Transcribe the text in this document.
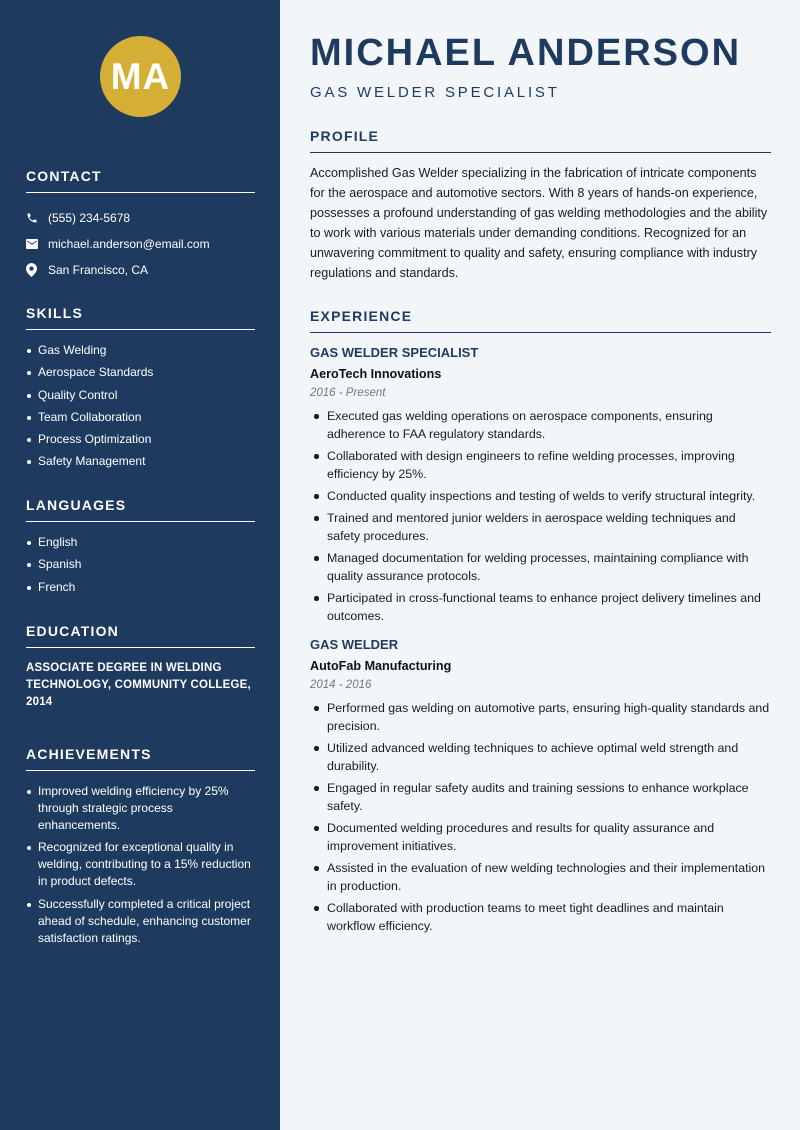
MA
CONTACT
(555) 234-5678
michael.anderson@email.com
San Francisco, CA
SKILLS
Gas Welding
Aerospace Standards
Quality Control
Team Collaboration
Process Optimization
Safety Management
LANGUAGES
English
Spanish
French
EDUCATION

ASSOCIATE DEGREE IN WELDING TECHNOLOGY, COMMUNITY COLLEGE, 2014

ACHIEVEMENTS
Improved welding efficiency by 25% through strategic process enhancements.
Recognized for exceptional quality in welding, contributing to a 15% reduction in product defects.
Successfully completed a critical project ahead of schedule, enhancing customer satisfaction ratings.
MICHAEL ANDERSON
GAS WELDER SPECIALIST
PROFILE

Accomplished Gas Welder specializing in the fabrication of intricate components for the aerospace and automotive sectors. With 8 years of hands-on experience, possesses a profound understanding of gas welding methodologies and the ability to work with various materials under demanding conditions. Recognized for an unwavering commitment to quality and safety, ensuring compliance with industry regulations and standards.

EXPERIENCE
GAS WELDER SPECIALIST
AeroTech Innovations
2016 - Present
Executed gas welding operations on aerospace components, ensuring adherence to FAA regulatory standards.
Collaborated with design engineers to refine welding processes, improving efficiency by 25%.
Conducted quality inspections and testing of welds to verify structural integrity.
Trained and mentored junior welders in aerospace welding techniques and safety procedures.
Managed documentation for welding processes, maintaining compliance with quality assurance protocols.
Participated in cross-functional teams to enhance project delivery timelines and outcomes.
GAS WELDER
AutoFab Manufacturing
2014 - 2016
Performed gas welding on automotive parts, ensuring high-quality standards and precision.
Utilized advanced welding techniques to achieve optimal weld strength and durability.
Engaged in regular safety audits and training sessions to enhance workplace safety.
Documented welding procedures and results for quality assurance and improvement initiatives.
Assisted in the evaluation of new welding technologies and their implementation in production.
Collaborated with production teams to meet tight deadlines and maintain workflow efficiency.
